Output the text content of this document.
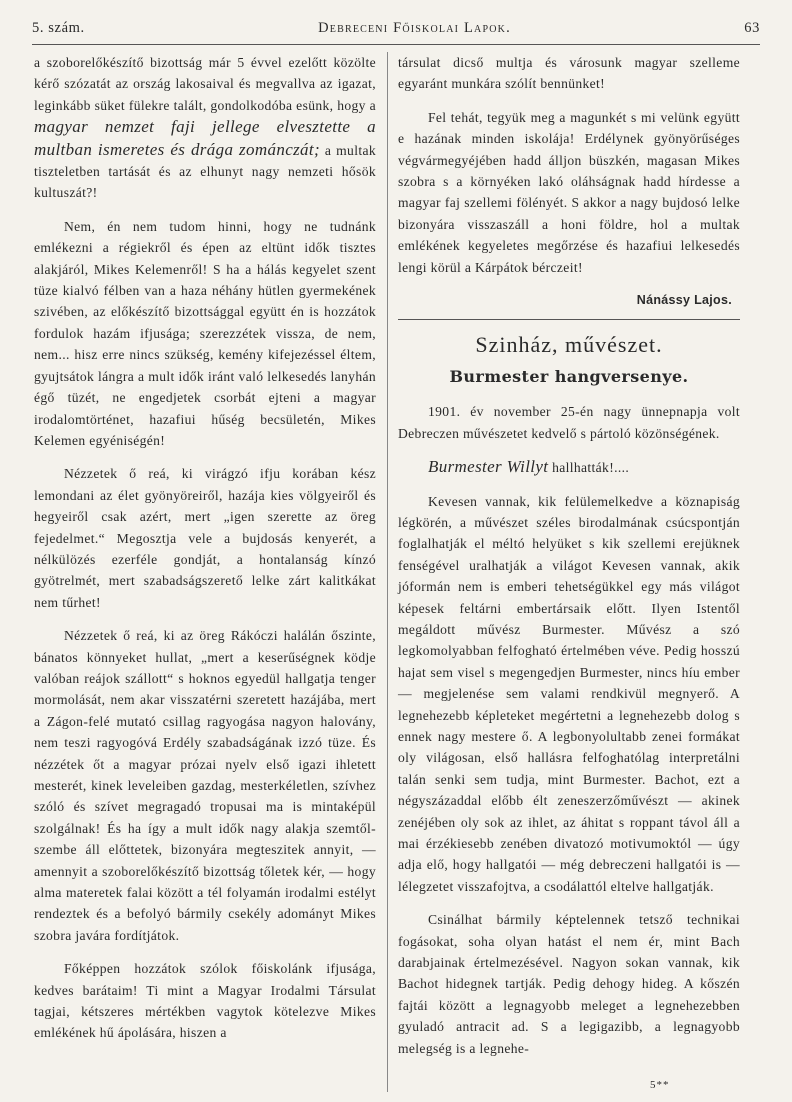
5. szám.	Debreceni Főiskolai Lapok.	63

a szoborelőkészítő bizottság már 5 évvel ezelőtt közölte kérő szózatát az ország lakosaival és megvallva az igazat, leginkább süket fülekre talált, gondolkodóba esünk, hogy a magyar nemzet faji jellege elvesztette a multban ismeretes és drága zománczát; a multak tiszteletben tartását és az elhunyt nagy nemzeti hősök kultuszát?!

Nem, én nem tudom hinni, hogy ne tudnánk emlékezni a régiekről és épen az eltünt idők tisztes alakjáról, Mikes Kelemenről! S ha a hálás kegyelet szent tüze kialvó félben van a haza néhány hütlen gyermekének szivében, az előkészítő bizottsággal együtt én is hozzátok fordulok hazám ifjusága; szerezzétek vissza, de nem, nem... hisz erre nincs szükség, kemény kifejezéssel éltem, gyujtsátok lángra a mult idők iránt való lelkesedés lanyhán égő tüzét, ne engedjetek csorbát ejteni a magyar irodalomtörténet, hazafiui hűség becsületén, Mikes Kelemen egyéniségén!

Nézzetek ő reá, ki virágzó ifju korában kész lemondani az élet gyönyöreiről, hazája kies völgyeiről és hegyeiről csak azért, mert „igen szerette az öreg fejedelmet.“ Megosztja vele a bujdosás kenyerét, a nélkülözés ezerféle gondját, a hontalanság kínzó gyötrelmét, mert szabadságszerető lelke zárt kalitkákat nem tűrhet!

Nézzetek ő reá, ki az öreg Rákóczi halálán őszinte, bánatos könnyeket hullat, „mert a keserűségnek ködje valóban reájok szállott“ s hoknos egyedül hallgatja tenger mormolását, nem akar visszatérni szeretett hazájába, mert a Zágon-felé mutató csillag ragyogása nagyon halovány, nem teszi ragyogóvá Erdély szabadságának izzó tüze. És nézzétek őt a magyar prózai nyelv első igazi ihletett mesterét, kinek leveleiben gazdag, mesterkéletlen, szívhez szóló és szívet megragadó tropusai ma is mintaképül szolgálnak! És ha így a mult idők nagy alakja szemtől-szembe áll előttetek, bizonyára megteszitek annyit, — amennyit a szoborelőkészítő bizottság tőletek kér, — hogy alma materetek falai között a tél folyamán irodalmi estélyt rendeztek és a befolyó bármily csekély adományt Mikes szobra javára fordítjátok.

Főképpen hozzátok szólok főiskolánk ifjusága, kedves barátaim! Ti mint a Magyar Irodalmi Társulat tagjai, kétszeres mértékben vagytok kötelezve Mikes emlékének hű ápolására, hiszen a

társulat dicső multja és városunk magyar szelleme egyaránt munkára szólít bennünket!

Fel tehát, tegyük meg a magunkét s mi velünk együtt e hazának minden iskolája! Erdélynek gyönyörűséges végvármegyéjében hadd álljon büszkén, magasan Mikes szobra s a környéken lakó oláhságnak hadd hírdesse a magyar faj szellemi fölényét. S akkor a nagy bujdosó lelke bizonyára visszaszáll a honi földre, hol a multak emlékének kegyeletes megőrzése és hazafiui lelkesedés lengi körül a Kárpátok bérczeit!

Nánássy Lajos.
Szinház, művészet.
Burmester hangversenye.

1901. év november 25-én nagy ünnepnapja volt Debreczen művészetet kedvelő s pártoló közönségének.

Burmester Willyt hallhatták!....

Kevesen vannak, kik felülemelkedve a köznapiság légkörén, a művészet széles birodalmának csúcspontján foglalhatják el méltó helyüket s kik szellemi erejüknek fenségével uralhatják a világot Kevesen vannak, akik jóformán nem is emberi tehetségükkel egy más világot képesek feltárni embertársaik előtt. Ilyen Istentől megáldott művész Burmester. Művész a szó legkomolyabban felfogható értelmében véve. Pedig hosszú hajat sem visel s megengedjen Burmester, nincs híu ember — megjelenése sem valami rendkivül megnyerő. A legnehezebb képleteket megértetni a legnehezebb dolog s ennek nagy mestere ő. A legbonyolultabb zenei formákat oly világosan, első hallásra felfoghatólag interpretálni talán senki sem tudja, mint Burmester. Bachot, ezt a négyszázaddal előbb élt zeneszerzőművészt — akinek zenéjében oly sok az ihlet, az áhitat s roppant távol áll a mai érzékiesebb zenében divatozó motivumoktól — úgy adja elő, hogy hallgatói — még debreczeni hallgatói is — lélegzetet visszafojtva, a csodálattól eltelve hallgatják.

Csinálhat bármily képtelennek tetsző technikai fogásokat, soha olyan hatást el nem ér, mint Bach darabjainak értelmezésével. Nagyon sokan vannak, kik Bachot hidegnek tartják. Pedig dehogy hideg. A kőszén fajtái között a legnagyobb meleget a legnehezebben gyuladó antracit ad. S a legigazibb, a legnagyobb melegség is a legnehe-

5**
